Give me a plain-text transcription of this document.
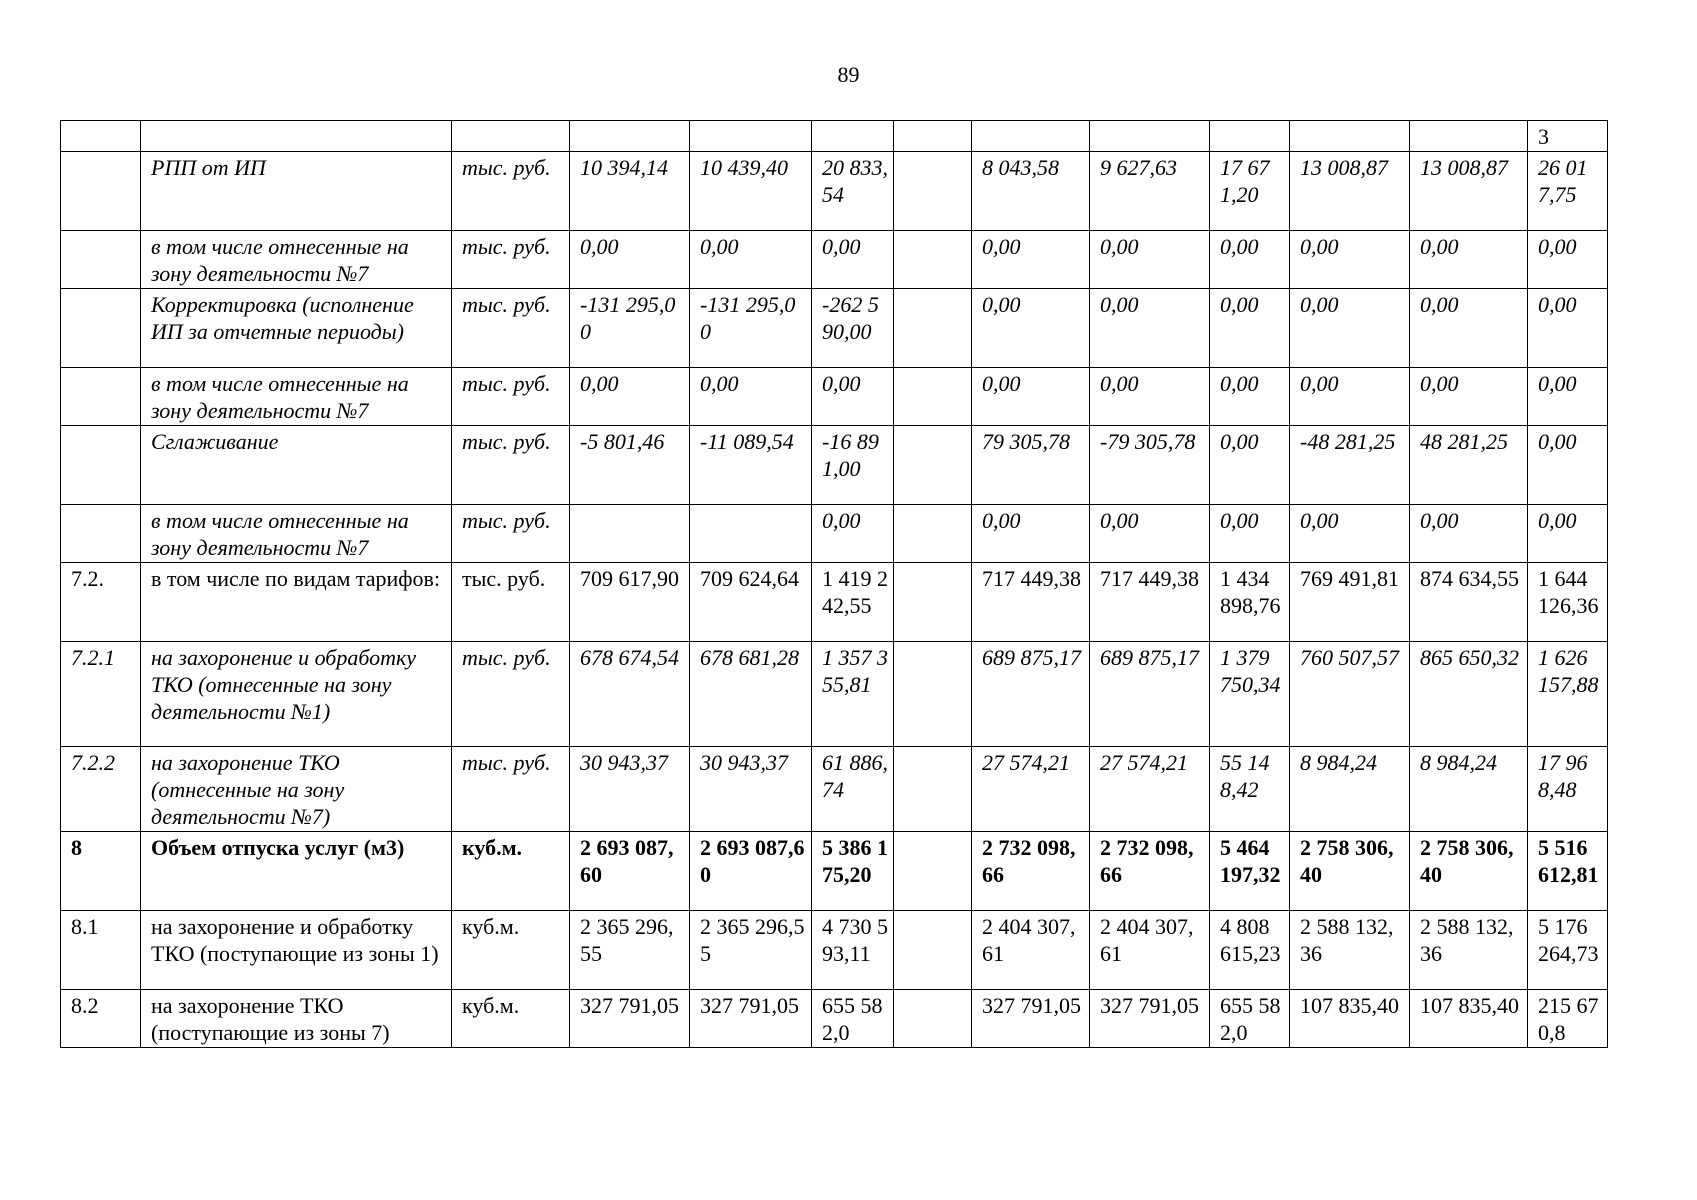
89
												3
	РПП от ИП	тыс. руб.	10 394,14	10 439,40	20 833,54		8 043,58	9 627,63	17 671,20	13 008,87	13 008,87	26 017,75
	в том числе отнесенные на зону деятельности №7	тыс. руб.	0,00	0,00	0,00		0,00	0,00	0,00	0,00	0,00	0,00
	Корректировка (исполнение ИП за отчетные периоды)	тыс. руб.	-131 295,00	-131 295,00	-262 590,00		0,00	0,00	0,00	0,00	0,00	0,00
	в том числе отнесенные на зону деятельности №7	тыс. руб.	0,00	0,00	0,00		0,00	0,00	0,00	0,00	0,00	0,00
	Сглаживание	тыс. руб.	-5 801,46	-11 089,54	-16 891,00		79 305,78	-79 305,78	0,00	-48 281,25	48 281,25	0,00
	в том числе отнесенные на зону деятельности №7	тыс. руб.			0,00		0,00	0,00	0,00	0,00	0,00	0,00
7.2.	в том числе по видам тарифов:	тыс. руб.	709 617,90	709 624,64	1 419 242,55		717 449,38	717 449,38	1 434 898,76	769 491,81	874 634,55	1 644 126,36
7.2.1	на захоронение и обработку ТКО (отнесенные на зону деятельности №1)	тыс. руб.	678 674,54	678 681,28	1 357 355,81		689 875,17	689 875,17	1 379 750,34	760 507,57	865 650,32	1 626 157,88
7.2.2	на захоронение ТКО (отнесенные на зону деятельности №7)	тыс. руб.	30 943,37	30 943,37	61 886,74		27 574,21	27 574,21	55 148,42	8 984,24	8 984,24	17 968,48
8	Объем отпуска услуг (м3)	куб.м.	2 693 087,60	2 693 087,60	5 386 175,20		2 732 098,66	2 732 098,66	5 464 197,32	2 758 306,40	2 758 306,40	5 516 612,81
8.1	на захоронение и обработку ТКО (поступающие из зоны 1)	куб.м.	2 365 296,55	2 365 296,55	4 730 593,11		2 404 307,61	2 404 307,61	4 808 615,23	2 588 132,36	2 588 132,36	5 176 264,73
8.2	на захоронение ТКО (поступающие из зоны 7)	куб.м.	327 791,05	327 791,05	655 582,0		327 791,05	327 791,05	655 582,0	107 835,40	107 835,40	215 670,8
